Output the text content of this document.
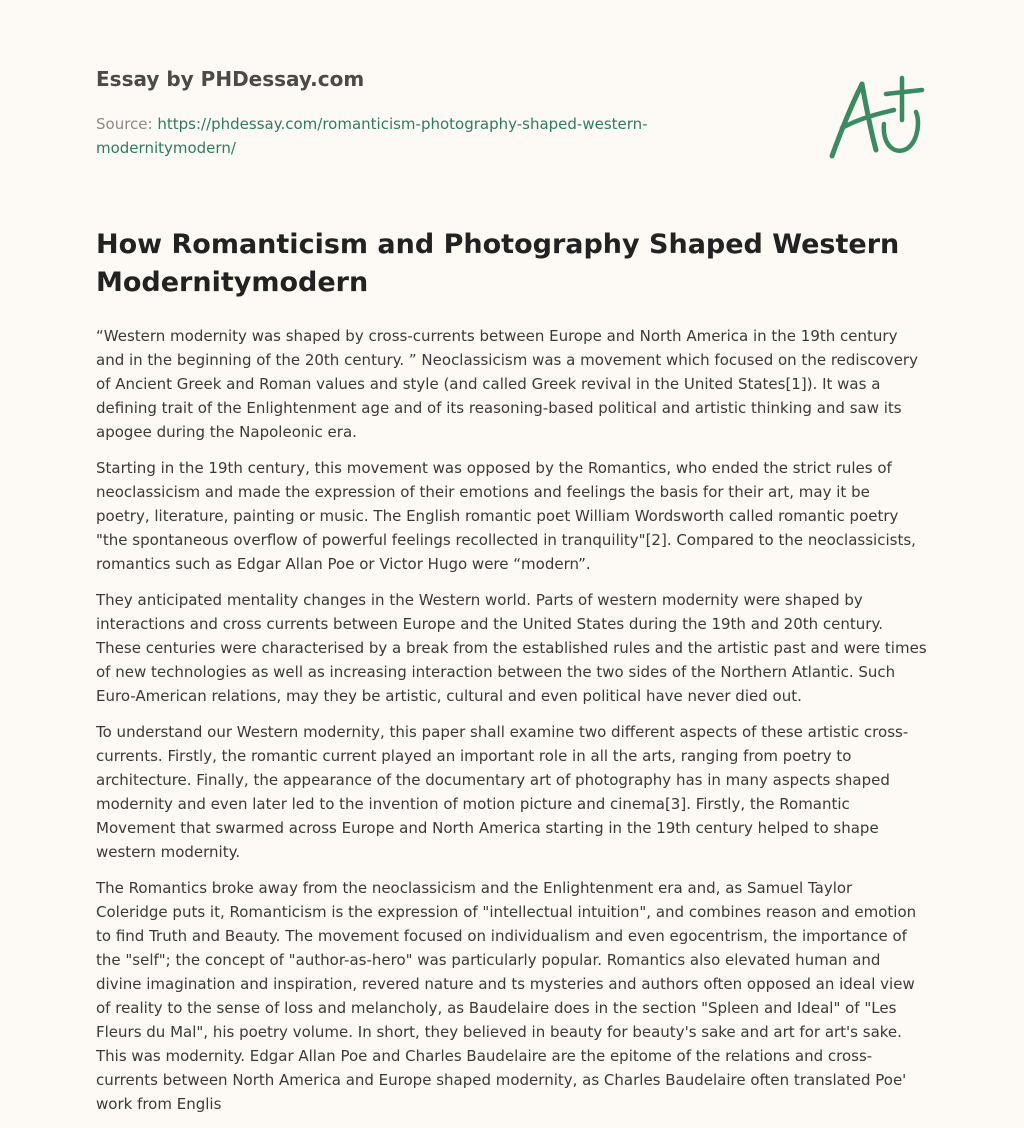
Essay by PHDessay.com
Source: https://phdessay.com/romanticism-photography-shaped-western-modernitymodern/
How Romanticism and Photography Shaped Western Modernitymodern

“Western modernity was shaped by cross-currents between Europe and North America in the 19th century and in the beginning of the 20th century. ” Neoclassicism was a movement which focused on the rediscovery of Ancient Greek and Roman values and style (and called Greek revival in the United States[1]). It was a defining trait of the Enlightenment age and of its reasoning-based political and artistic thinking and saw its apogee during the Napoleonic era.

Starting in the 19th century, this movement was opposed by the Romantics, who ended the strict rules of neoclassicism and made the expression of their emotions and feelings the basis for their art, may it be poetry, literature, painting or music. The English romantic poet William Wordsworth called romantic poetry "the spontaneous overflow of powerful feelings recollected in tranquility"[2]. Compared to the neoclassicists, romantics such as Edgar Allan Poe or Victor Hugo were “modern”.

They anticipated mentality changes in the Western world. Parts of western modernity were shaped by interactions and cross currents between Europe and the United States during the 19th and 20th century. These centuries were characterised by a break from the established rules and the artistic past and were times of new technologies as well as increasing interaction between the two sides of the Northern Atlantic. Such Euro-American relations, may they be artistic, cultural and even political have never died out.

To understand our Western modernity, this paper shall examine two different aspects of these artistic cross-currents. Firstly, the romantic current played an important role in all the arts, ranging from poetry to architecture. Finally, the appearance of the documentary art of photography has in many aspects shaped modernity and even later led to the invention of motion picture and cinema[3]. Firstly, the Romantic Movement that swarmed across Europe and North America starting in the 19th century helped to shape western modernity.

The Romantics broke away from the neoclassicism and the Enlightenment era and, as Samuel Taylor Coleridge puts it, Romanticism is the expression of "intellectual intuition", and combines reason and emotion to find Truth and Beauty. The movement focused on individualism and even egocentrism, the importance of the "self"; the concept of "author-as-hero" was particularly popular. Romantics also elevated human and divine imagination and inspiration, revered nature and ts mysteries and authors often opposed an ideal view of reality to the sense of loss and melancholy, as Baudelaire does in the section "Spleen and Ideal" of "Les Fleurs du Mal", his poetry volume. In short, they believed in beauty for beauty's sake and art for art's sake. This was modernity. Edgar Allan Poe and Charles Baudelaire are the epitome of the relations and cross-currents between North America and Europe shaped modernity, as Charles Baudelaire often translated Poe' work from Englis
